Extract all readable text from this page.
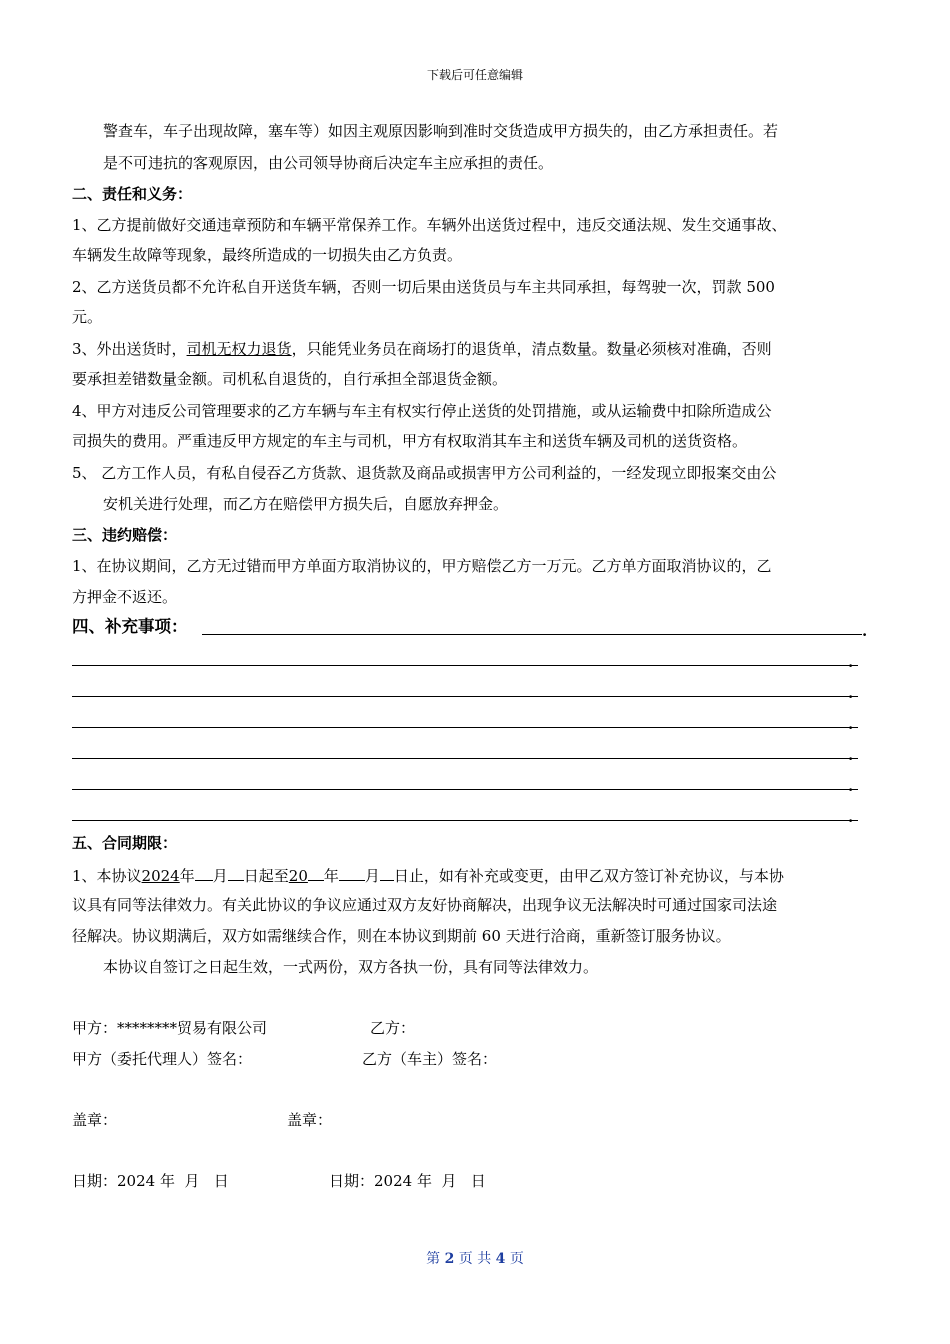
下载后可任意编辑
警查车，车子出现故障，塞车等）如因主观原因影响到准时交货造成甲方损失的，由乙方承担责任。若
是不可违抗的客观原因，由公司领导协商后决定车主应承担的责任。
二、责任和义务：
1、乙方提前做好交通违章预防和车辆平常保养工作。车辆外出送货过程中，违反交通法规、发生交通事故、
车辆发生故障等现象，最终所造成的一切损失由乙方负责。
2、乙方送货员都不允许私自开送货车辆，否则一切后果由送货员与车主共同承担，每驾驶一次，罚款 500
元。
3、外出送货时，司机无权力退货，只能凭业务员在商场打的退货单，清点数量。数量必须核对准确，否则
要承担差错数量金额。司机私自退货的，自行承担全部退货金额。
4、甲方对违反公司管理要求的乙方车辆与车主有权实行停止送货的处罚措施，或从运输费中扣除所造成公
司损失的费用。严重违反甲方规定的车主与司机，甲方有权取消其车主和送货车辆及司机的送货资格。
5、 乙方工作人员，有私自侵吞乙方货款、退货款及商品或损害甲方公司利益的，一经发现立即报案交由公
安机关进行处理，而乙方在赔偿甲方损失后，自愿放弃押金。
三、违约赔偿：
1、在协议期间，乙方无过错而甲方单面方取消协议的，甲方赔偿乙方一万元。乙方单方面取消协议的，乙
方押金不返还。
四、补充事项：	.
.
.
.
.
.
.
五、合同期限：
1、本协议2024年 月 日起至20 年 月 日止，如有补充或变更，由甲乙双方签订补充协议，与本协
议具有同等法律效力。有关此协议的争议应通过双方友好协商解决，出现争议无法解决时可通过国家司法途
径解决。协议期满后，双方如需继续合作，则在本协议到期前 60 天进行洽商，重新签订服务协议。
本协议自签订之日起生效，一式两份，双方各执一份，具有同等法律效力。
甲方：********贸易有限公司	乙方：
甲方（委托代理人）签名：	乙方（车主）签名：
盖章：	盖章：
日期：2024 年  月   日	日期：2024 年  月   日
第 2 页 共 4 页
